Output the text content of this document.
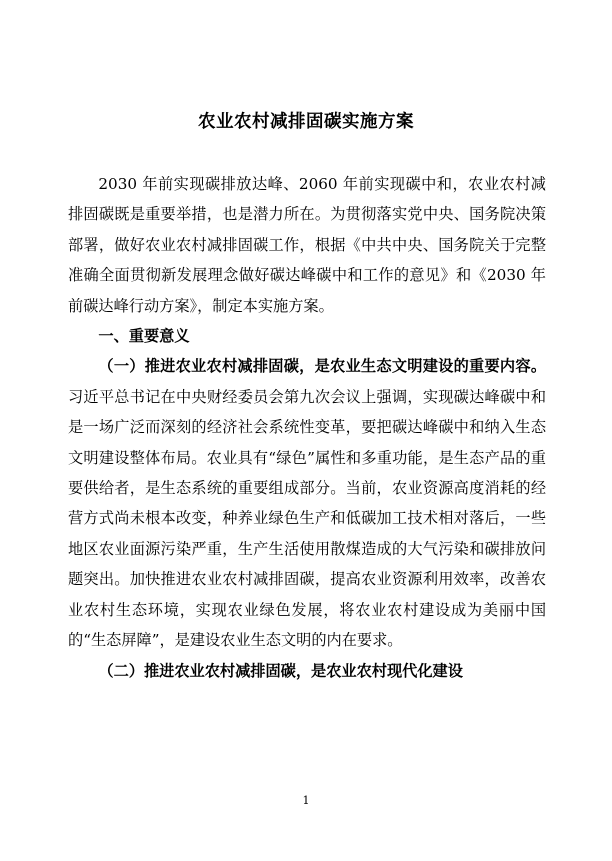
农业农村减排固碳实施方案

2030 年前实现碳排放达峰、2060 年前实现碳中和，农业农村减排固碳既是重要举措，也是潜力所在。为贯彻落实党中央、国务院决策部署，做好农业农村减排固碳工作，根据《中共中央、国务院关于完整准确全面贯彻新发展理念做好碳达峰碳中和工作的意见》和《2030 年前碳达峰行动方案》，制定本实施方案。

一、重要意义

（一）推进农业农村减排固碳，是农业生态文明建设的重要内容。习近平总书记在中央财经委员会第九次会议上强调，实现碳达峰碳中和是一场广泛而深刻的经济社会系统性变革，要把碳达峰碳中和纳入生态文明建设整体布局。农业具有“绿色”属性和多重功能，是生态产品的重要供给者，是生态系统的重要组成部分。当前，农业资源高度消耗的经营方式尚未根本改变，种养业绿色生产和低碳加工技术相对落后，一些地区农业面源污染严重，生产生活使用散煤造成的大气污染和碳排放问题突出。加快推进农业农村减排固碳，提高农业资源利用效率，改善农业农村生态环境，实现农业绿色发展，将农业农村建设成为美丽中国的“生态屏障”，是建设农业生态文明的内在要求。

（二）推进农业农村减排固碳，是农业农村现代化建设

1
